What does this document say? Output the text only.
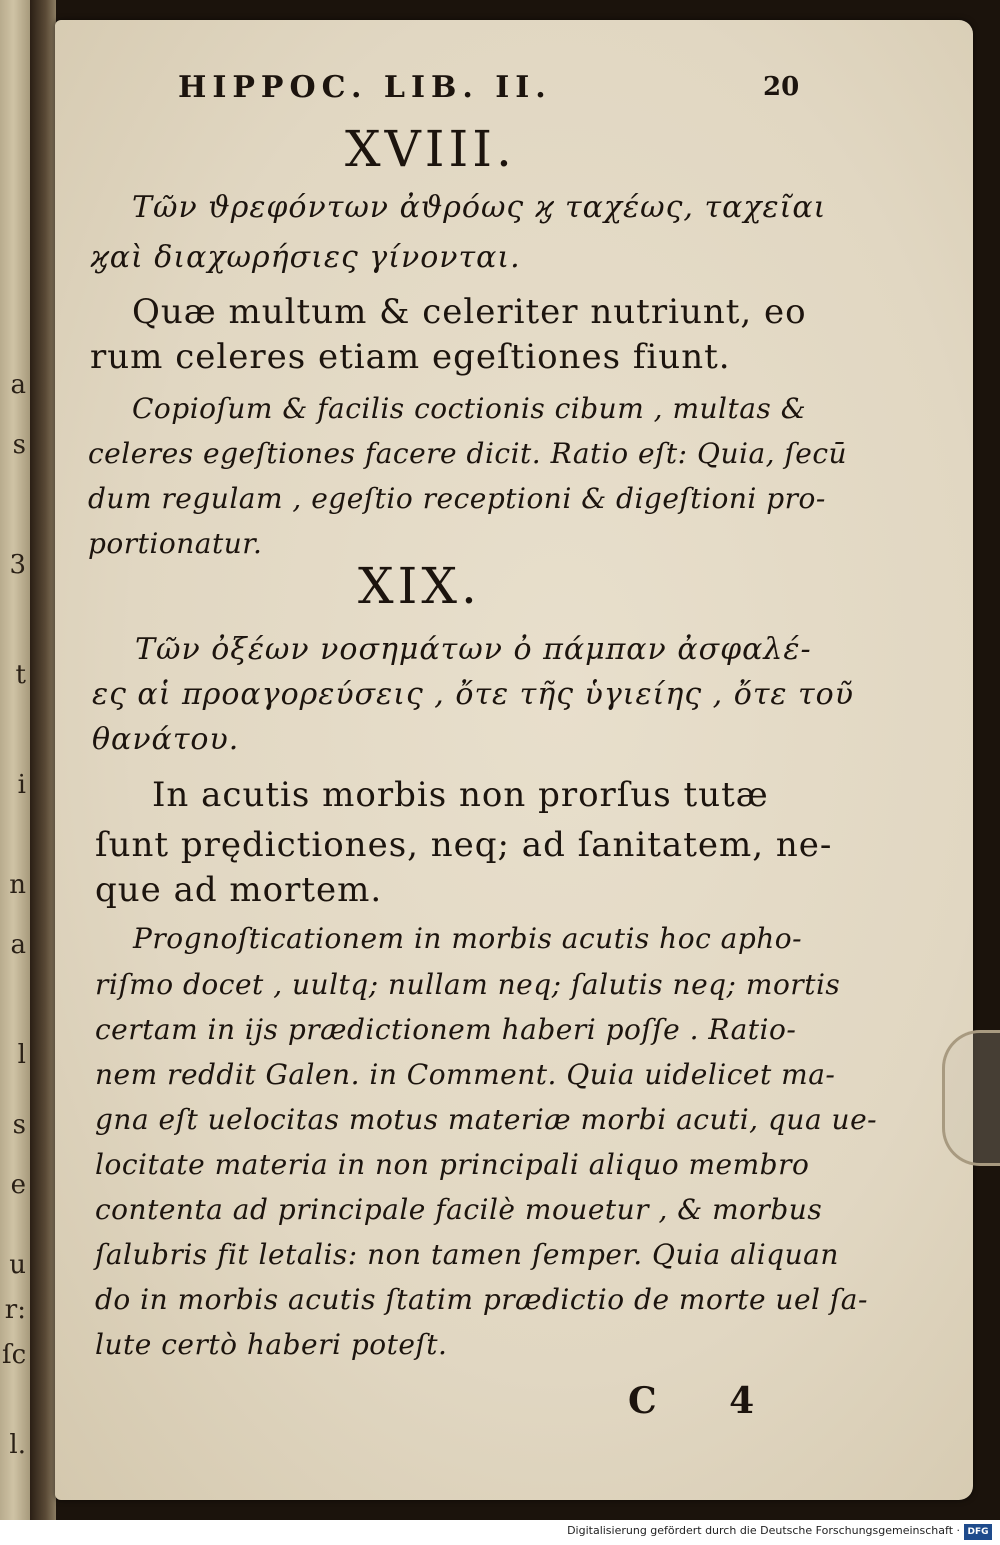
a
s
3
t
i
n
a
l
s
e
u
r:
ſc
l.
HIPPOC. LIB. II.	20
XVIII.
Τῶν ϑρεφόντων ἀϑρόως ϗ ταχέως, ταχεῖαι
ϗαὶ διαχωρήσιες γίνονται.
Quæ multum & celeriter nutriunt, eo
rum celeres etiam egeſtiones fiunt.
Copioſum & facilis coctionis cibum , multas &
celeres egeſtiones facere dicit. Ratio eſt: Quia, ſecū
dum regulam , egeſtio receptioni & digeſtioni pro-
portionatur.
XIX.
Τῶν ὀξέων νοσημάτων ὀ πάμπαν ἀσφαλέ-
ες αἱ προαγορεύσεις , ὄτε τῆς ὑγιείης , ὄτε τοῦ
θανάτου.
In acutis morbis non prorſus tutæ
ſunt prędictiones, neq; ad ſanitatem, ne-
que ad mortem.
Prognoſticationem in morbis acutis hoc apho-
riſmo docet , uultq; nullam neq; ſalutis neq; mortis
certam in ijs prædictionem haberi poſſe . Ratio-
nem reddit Galen. in Comment. Quia uidelicet ma-
gna eſt uelocitas motus materiæ morbi acuti, qua ue-
locitate materia in non principali aliquo membro
contenta ad principale facilè mouetur , & morbus
ſalubris fit letalis: non tamen ſemper. Quia aliquan
do in morbis acutis ſtatim prædictio de morte uel ſa-
lute certò haberi poteſt.
C 4
Digitalisierung gefördert durch die Deutsche Forschungsgemeinschaft · DFG
